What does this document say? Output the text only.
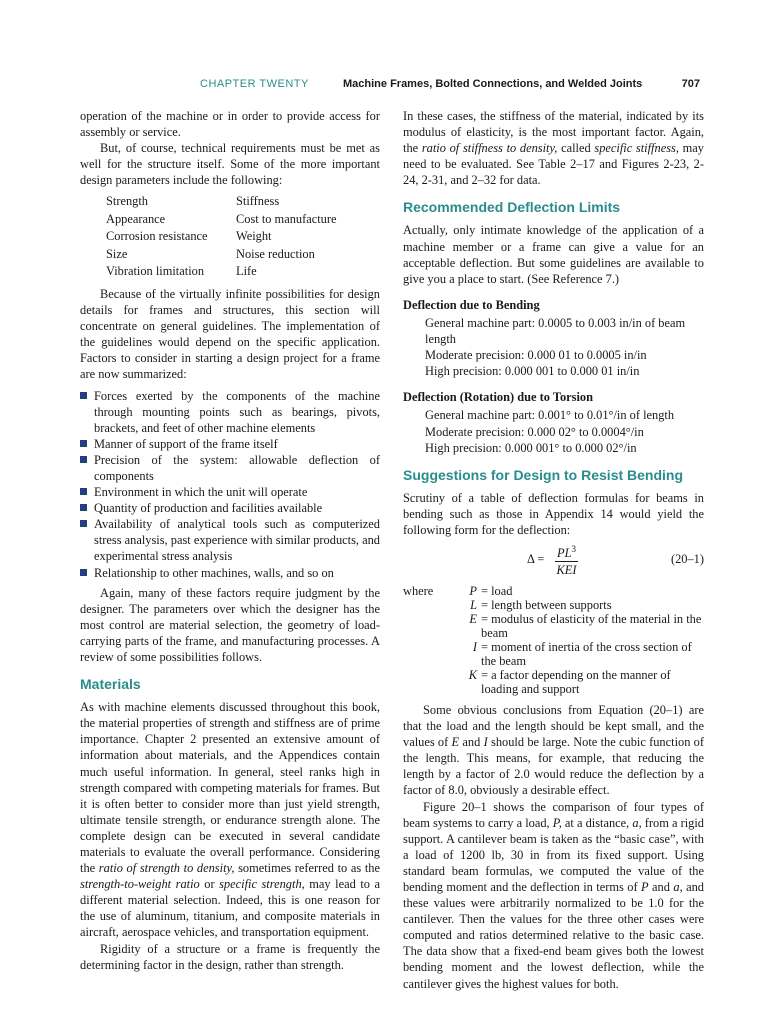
CHAPTER TWENTY	Machine Frames, Bolted Connections, and Welded Joints	707

operation of the machine or in order to provide access for assembly or service.

But, of course, technical requirements must be met as well for the structure itself. Some of the more important design parameters include the following:

Strength	Stiffness
Appearance	Cost to manufacture
Corrosion resistance	Weight
Size	Noise reduction
Vibration limitation	Life

Because of the virtually infinite possibilities for design details for frames and structures, this section will concentrate on general guidelines. The implementation of the guidelines would depend on the specific application. Factors to consider in starting a design project for a frame are now summarized:

Forces exerted by the components of the machine through mounting points such as bearings, pivots, brackets, and feet of other machine elements
Manner of support of the frame itself
Precision of the system: allowable deflection of components
Environment in which the unit will operate
Quantity of production and facilities available
Availability of analytical tools such as computerized stress analysis, past experience with similar products, and experimental stress analysis
Relationship to other machines, walls, and so on

Again, many of these factors require judgment by the designer. The parameters over which the designer has the most control are material selection, the geometry of load-carrying parts of the frame, and manufacturing processes. A review of some possibilities follows.

Materials

As with machine elements discussed throughout this book, the material properties of strength and stiffness are of prime importance. Chapter 2 presented an extensive amount of information about materials, and the Appendices contain much useful information. In general, steel ranks high in strength compared with competing materials for frames. But it is often better to consider more than just yield strength, ultimate tensile strength, or endurance strength alone. The complete design can be executed in several candidate materials to evaluate the overall performance. Considering the ratio of strength to density, sometimes referred to as the strength-to-weight ratio or specific strength, may lead to a different material selection. Indeed, this is one reason for the use of aluminum, titanium, and composite materials in aircraft, aerospace vehicles, and transportation equipment.

Rigidity of a structure or a frame is frequently the determining factor in the design, rather than strength.

In these cases, the stiffness of the material, indicated by its modulus of elasticity, is the most important factor. Again, the ratio of stiffness to density, called specific stiffness, may need to be evaluated. See Table 2–17 and Figures 2-23, 2-24, 2-31, and 2–32 for data.

Recommended Deflection Limits

Actually, only intimate knowledge of the application of a machine member or a frame can give a value for an acceptable deflection. But some guidelines are available to give you a place to start. (See Reference 7.)

Deflection due to Bending
General machine part: 0.0005 to 0.003 in/in of beam length
Moderate precision: 0.000 01 to 0.0005 in/in
High precision: 0.000 001 to 0.000 01 in/in
Deflection (Rotation) due to Torsion
General machine part: 0.001° to 0.01°/in of length
Moderate precision: 0.000 02° to 0.0004°/in
High precision: 0.000 001° to 0.000 02°/in
Suggestions for Design to Resist Bending

Scrutiny of a table of deflection formulas for beams in bending such as those in Appendix 14 would yield the following form for the deflection:

$\Delta = PL^3$
KEI
(20–1)
where	P = load
L = length between supports
E = modulus of elasticity of the material in the beam
I = moment of inertia of the cross section of the beam
K = a factor depending on the manner of loading and support

Some obvious conclusions from Equation (20–1) are that the load and the length should be kept small, and the values of E and I should be large. Note the cubic function of the length. This means, for example, that reducing the length by a factor of 2.0 would reduce the deflection by a factor of 8.0, obviously a desirable effect.

Figure 20–1 shows the comparison of four types of beam systems to carry a load, P, at a distance, a, from a rigid support. A cantilever beam is taken as the “basic case”, with a load of 1200 lb, 30 in from its fixed support. Using standard beam formulas, we computed the value of the bending moment and the deflection in terms of P and a, and these values were arbitrarily normalized to be 1.0 for the cantilever. Then the values for the three other cases were computed and ratios determined relative to the basic case. The data show that a fixed-end beam gives both the lowest bending moment and the lowest deflection, while the cantilever gives the highest values for both.
